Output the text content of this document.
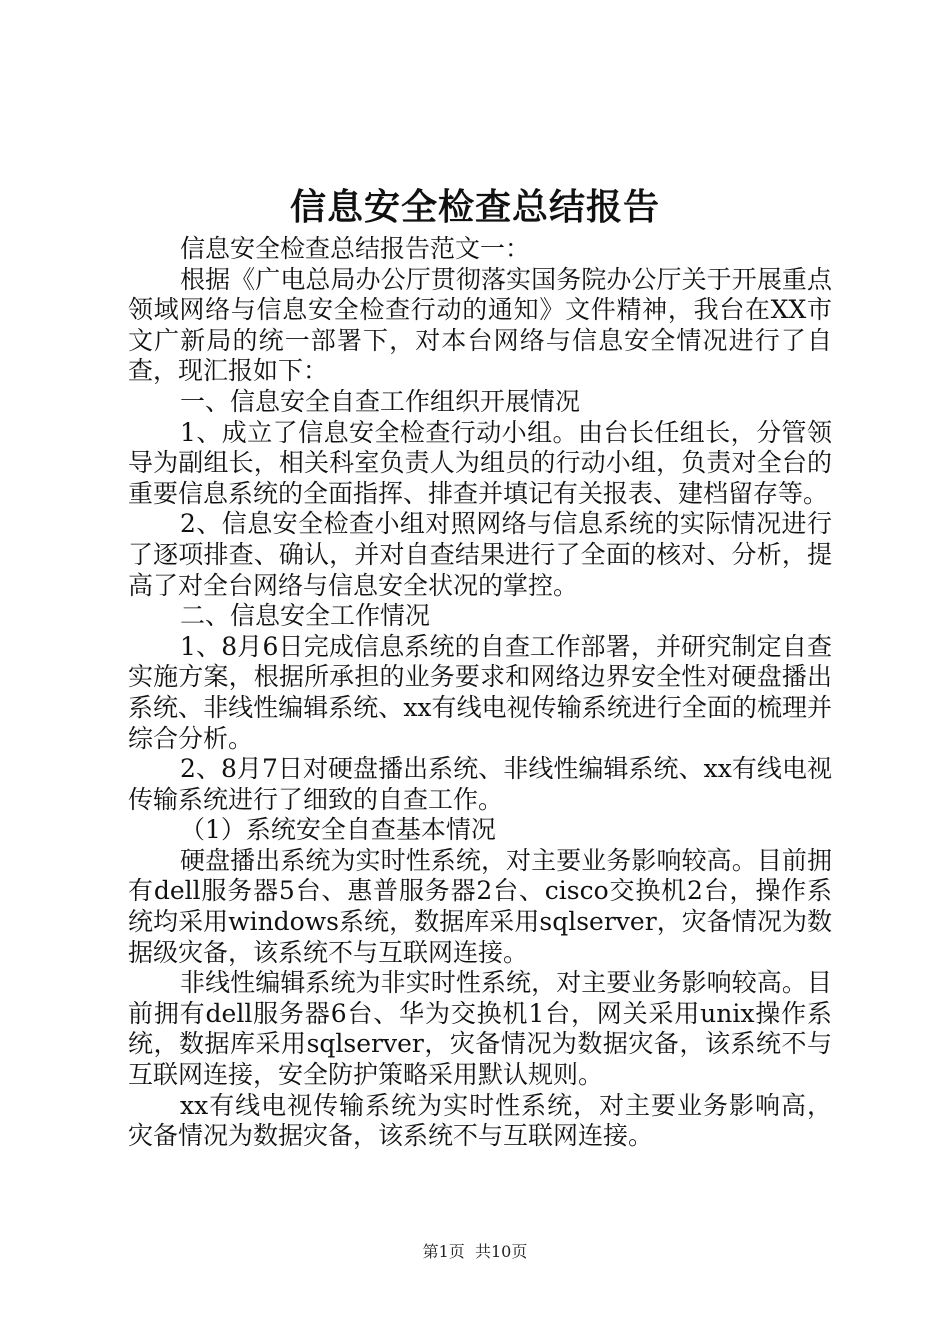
信息安全检查总结报告

信息安全检查总结报告范文一：

根据《广电总局办公厅贯彻落实国务院办公厅关于开展重点领域网络与信息安全检查行动的通知》文件精神，我台在XX市文广新局的统一部署下，对本台网络与信息安全情况进行了自查，现汇报如下：

一、信息安全自查工作组织开展情况

1、成立了信息安全检查行动小组。由台长任组长，分管领导为副组长，相关科室负责人为组员的行动小组，负责对全台的重要信息系统的全面指挥、排查并填记有关报表、建档留存等。

2、信息安全检查小组对照网络与信息系统的实际情况进行了逐项排查、确认，并对自查结果进行了全面的核对、分析，提高了对全台网络与信息安全状况的掌控。

二、信息安全工作情况

1、8月6日完成信息系统的自查工作部署，并研究制定自查实施方案，根据所承担的业务要求和网络边界安全性对硬盘播出系统、非线性编辑系统、xx有线电视传输系统进行全面的梳理并综合分析。

2、8月7日对硬盘播出系统、非线性编辑系统、xx有线电视传输系统进行了细致的自查工作。

（1）系统安全自查基本情况

硬盘播出系统为实时性系统，对主要业务影响较高。目前拥有dell服务器5台、惠普服务器2台、cisco交换机2台，操作系统均采用windows系统，数据库采用sqlserver，灾备情况为数据级灾备，该系统不与互联网连接。

非线性编辑系统为非实时性系统，对主要业务影响较高。目前拥有dell服务器6台、华为交换机1台，网关采用unix操作系统，数据库采用sqlserver，灾备情况为数据灾备，该系统不与互联网连接，安全防护策略采用默认规则。

xx有线电视传输系统为实时性系统，对主要业务影响高，灾备情况为数据灾备，该系统不与互联网连接。

第1页 共10页
